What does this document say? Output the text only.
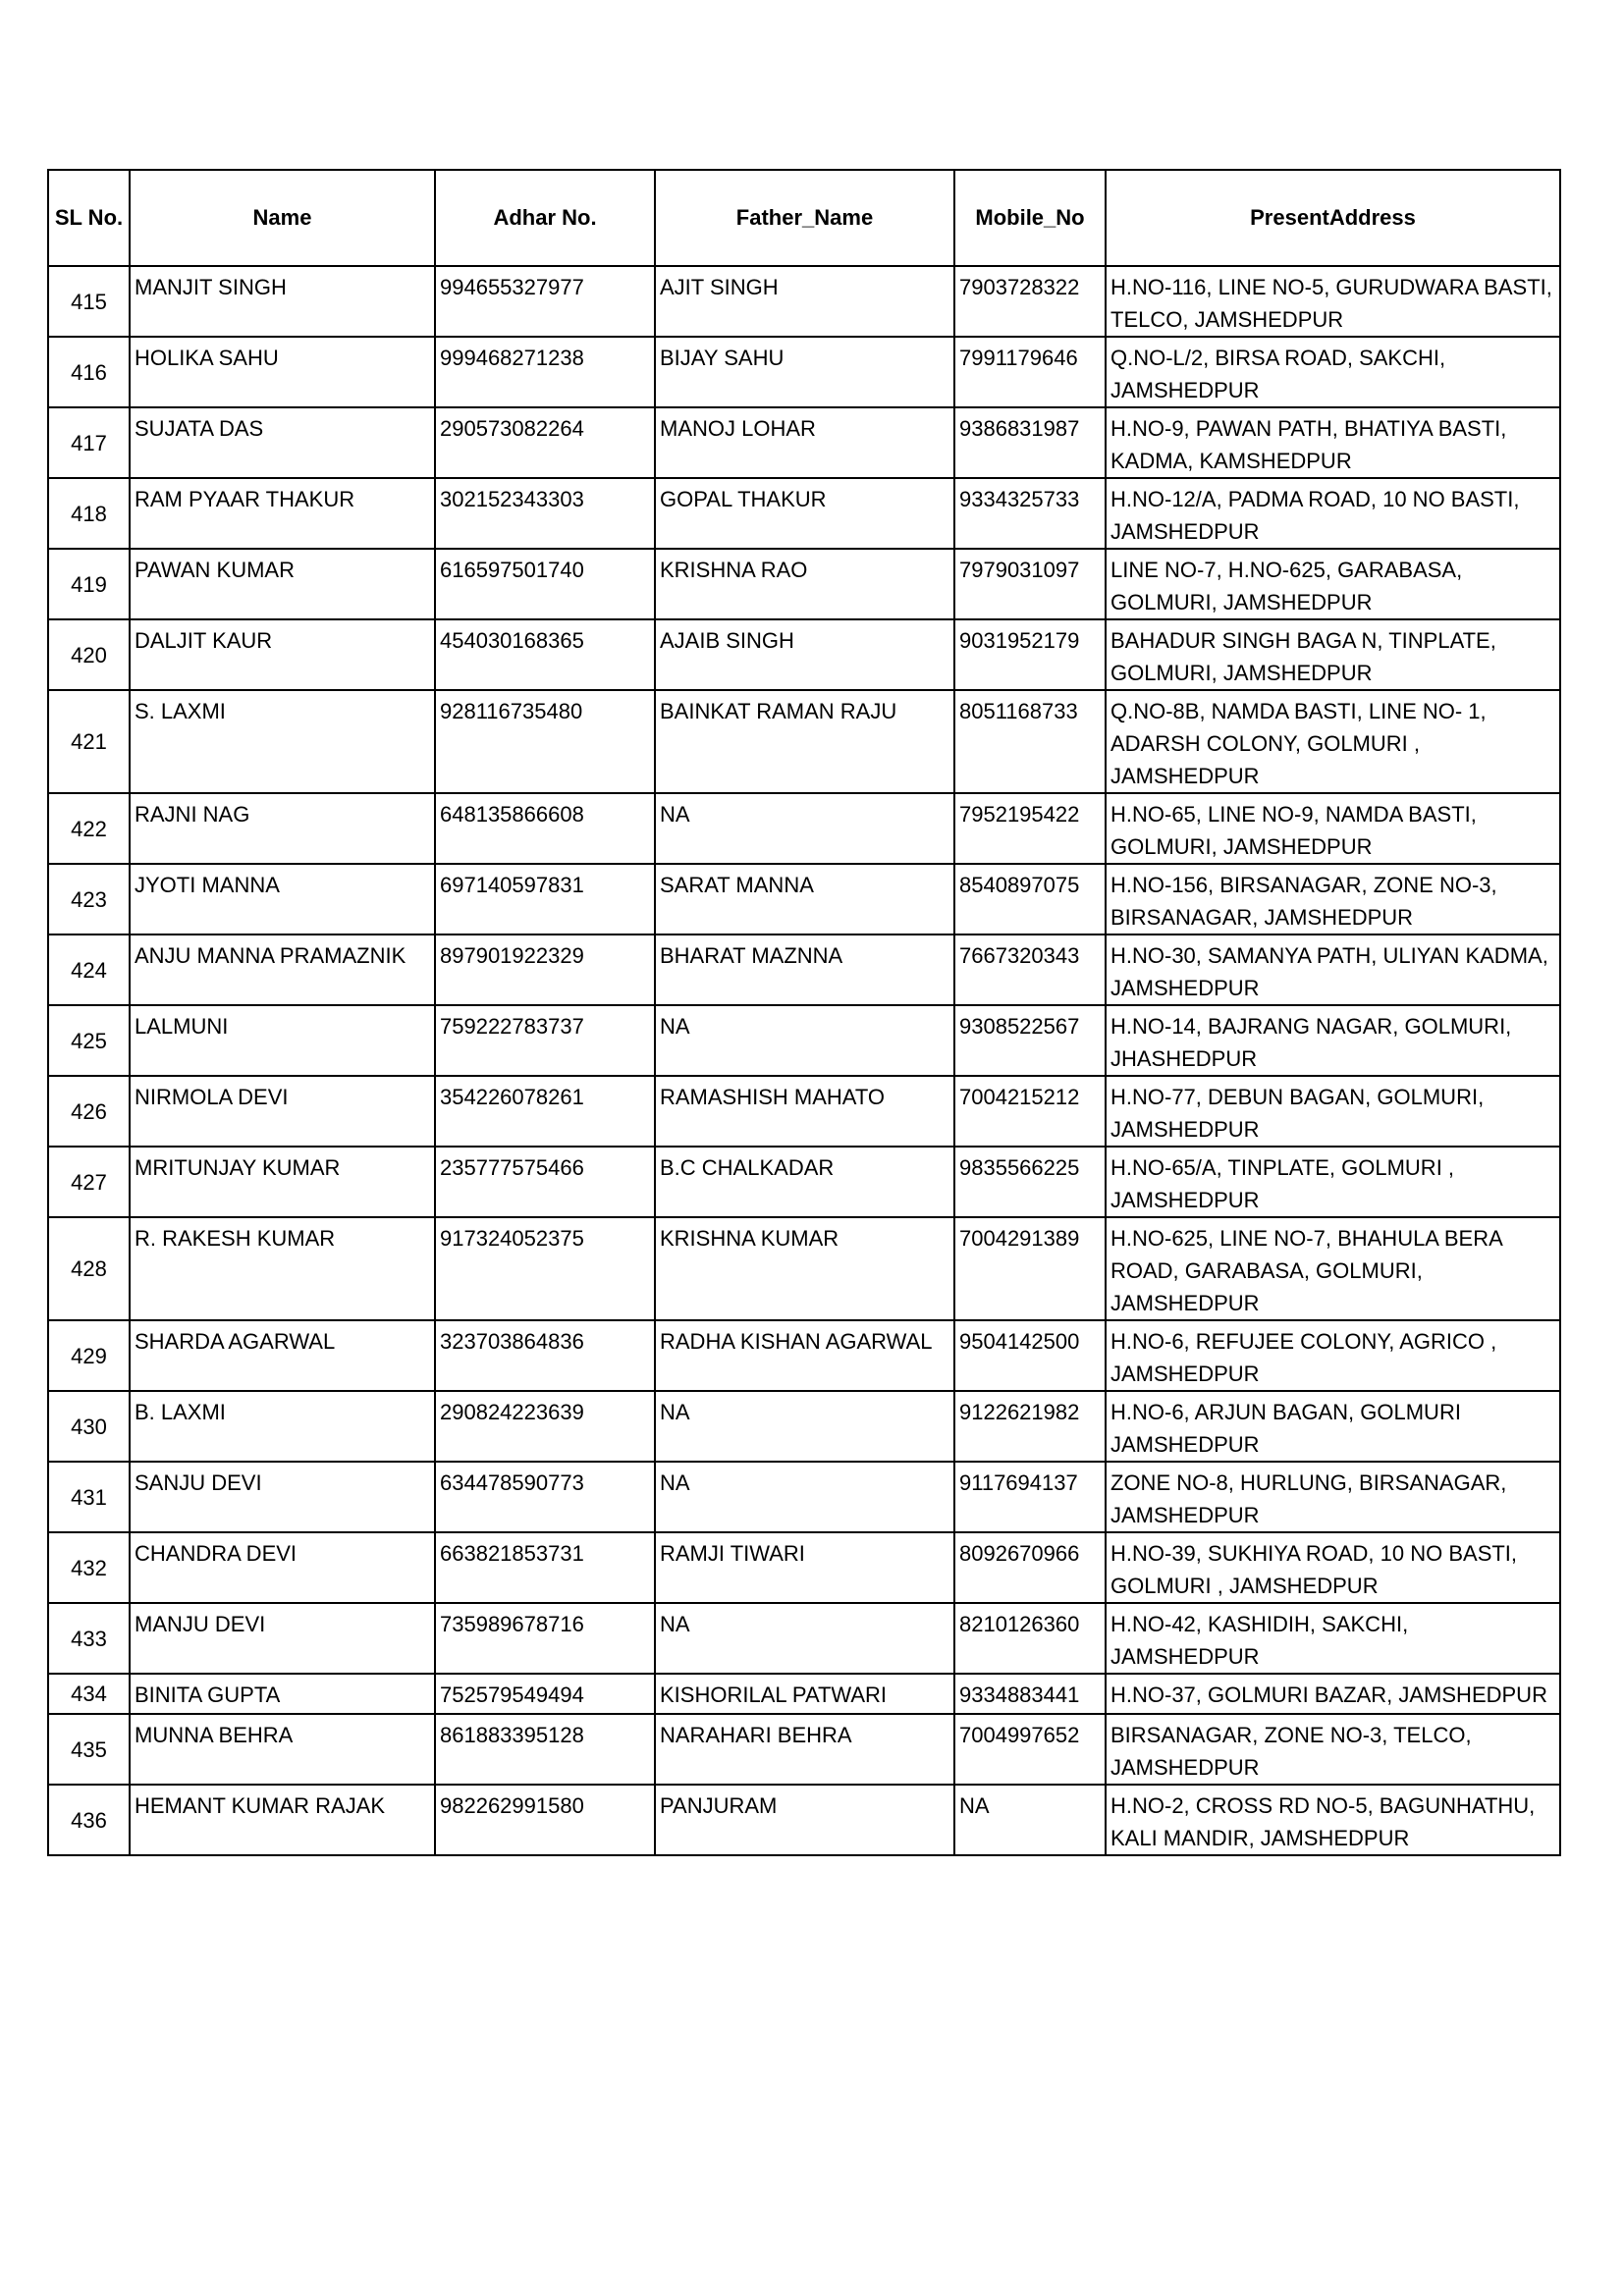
SL No.	Name	Adhar No.	Father_Name	Mobile_No	PresentAddress
415	MANJIT SINGH	994655327977	AJIT SINGH	7903728322	H.NO-116, LINE NO-5, GURUDWARA BASTI,
TELCO, JAMSHEDPUR

416	HOLIKA SAHU	999468271238	BIJAY SAHU	7991179646	Q.NO-L/2, BIRSA ROAD, SAKCHI,
JAMSHEDPUR

417	SUJATA DAS	290573082264	MANOJ LOHAR	9386831987	H.NO-9, PAWAN PATH, BHATIYA BASTI,
KADMA, KAMSHEDPUR

418	RAM PYAAR THAKUR	302152343303	GOPAL THAKUR	9334325733	H.NO-12/A, PADMA ROAD, 10 NO BASTI,
JAMSHEDPUR

419	PAWAN KUMAR	616597501740	KRISHNA RAO	7979031097	LINE NO-7, H.NO-625, GARABASA,
GOLMURI, JAMSHEDPUR

420	DALJIT KAUR	454030168365	AJAIB SINGH	9031952179	BAHADUR SINGH BAGA N, TINPLATE,
GOLMURI, JAMSHEDPUR

421	S. LAXMI	928116735480	BAINKAT RAMAN RAJU	8051168733	Q.NO-8B, NAMDA BASTI, LINE NO- 1,
ADARSH COLONY, GOLMURI , JAMSHEDPUR

422	RAJNI NAG	648135866608	NA	7952195422	H.NO-65, LINE NO-9, NAMDA BASTI,
GOLMURI, JAMSHEDPUR

423	JYOTI MANNA	697140597831	SARAT MANNA	8540897075	H.NO-156, BIRSANAGAR, ZONE NO-3,
BIRSANAGAR, JAMSHEDPUR

424	ANJU MANNA PRAMAZNIK	897901922329	BHARAT MAZNNA	7667320343	H.NO-30, SAMANYA PATH, ULIYAN KADMA,
JAMSHEDPUR

425	LALMUNI	759222783737	NA	9308522567	H.NO-14, BAJRANG NAGAR, GOLMURI,
JHASHEDPUR

426	NIRMOLA DEVI	354226078261	RAMASHISH MAHATO	7004215212	H.NO-77, DEBUN BAGAN, GOLMURI,
JAMSHEDPUR

427	MRITUNJAY KUMAR	235777575466	B.C CHALKADAR	9835566225	H.NO-65/A, TINPLATE, GOLMURI ,
JAMSHEDPUR

428	R. RAKESH KUMAR	917324052375	KRISHNA KUMAR	7004291389	H.NO-625, LINE NO-7, BHAHULA BERA
ROAD, GARABASA, GOLMURI,
JAMSHEDPUR

429	SHARDA AGARWAL	323703864836	RADHA KISHAN AGARWAL	9504142500	H.NO-6, REFUJEE COLONY, AGRICO ,
JAMSHEDPUR

430	B. LAXMI	290824223639	NA	9122621982	H.NO-6, ARJUN BAGAN, GOLMURI
JAMSHEDPUR

431	SANJU DEVI	634478590773	NA	9117694137	ZONE NO-8, HURLUNG, BIRSANAGAR,
JAMSHEDPUR

432	CHANDRA DEVI	663821853731	RAMJI TIWARI	8092670966	H.NO-39, SUKHIYA ROAD, 10 NO BASTI,
GOLMURI , JAMSHEDPUR

433	MANJU DEVI	735989678716	NA	8210126360	H.NO-42, KASHIDIH, SAKCHI, JAMSHEDPUR

434	BINITA GUPTA	752579549494	KISHORILAL PATWARI	9334883441	H.NO-37, GOLMURI BAZAR, JAMSHEDPUR

435	MUNNA BEHRA	861883395128	NARAHARI BEHRA	7004997652	BIRSANAGAR, ZONE NO-3, TELCO,
JAMSHEDPUR

436	HEMANT KUMAR RAJAK	982262991580	PANJURAM	NA	H.NO-2, CROSS RD NO-5, BAGUNHATHU,
KALI MANDIR, JAMSHEDPUR
